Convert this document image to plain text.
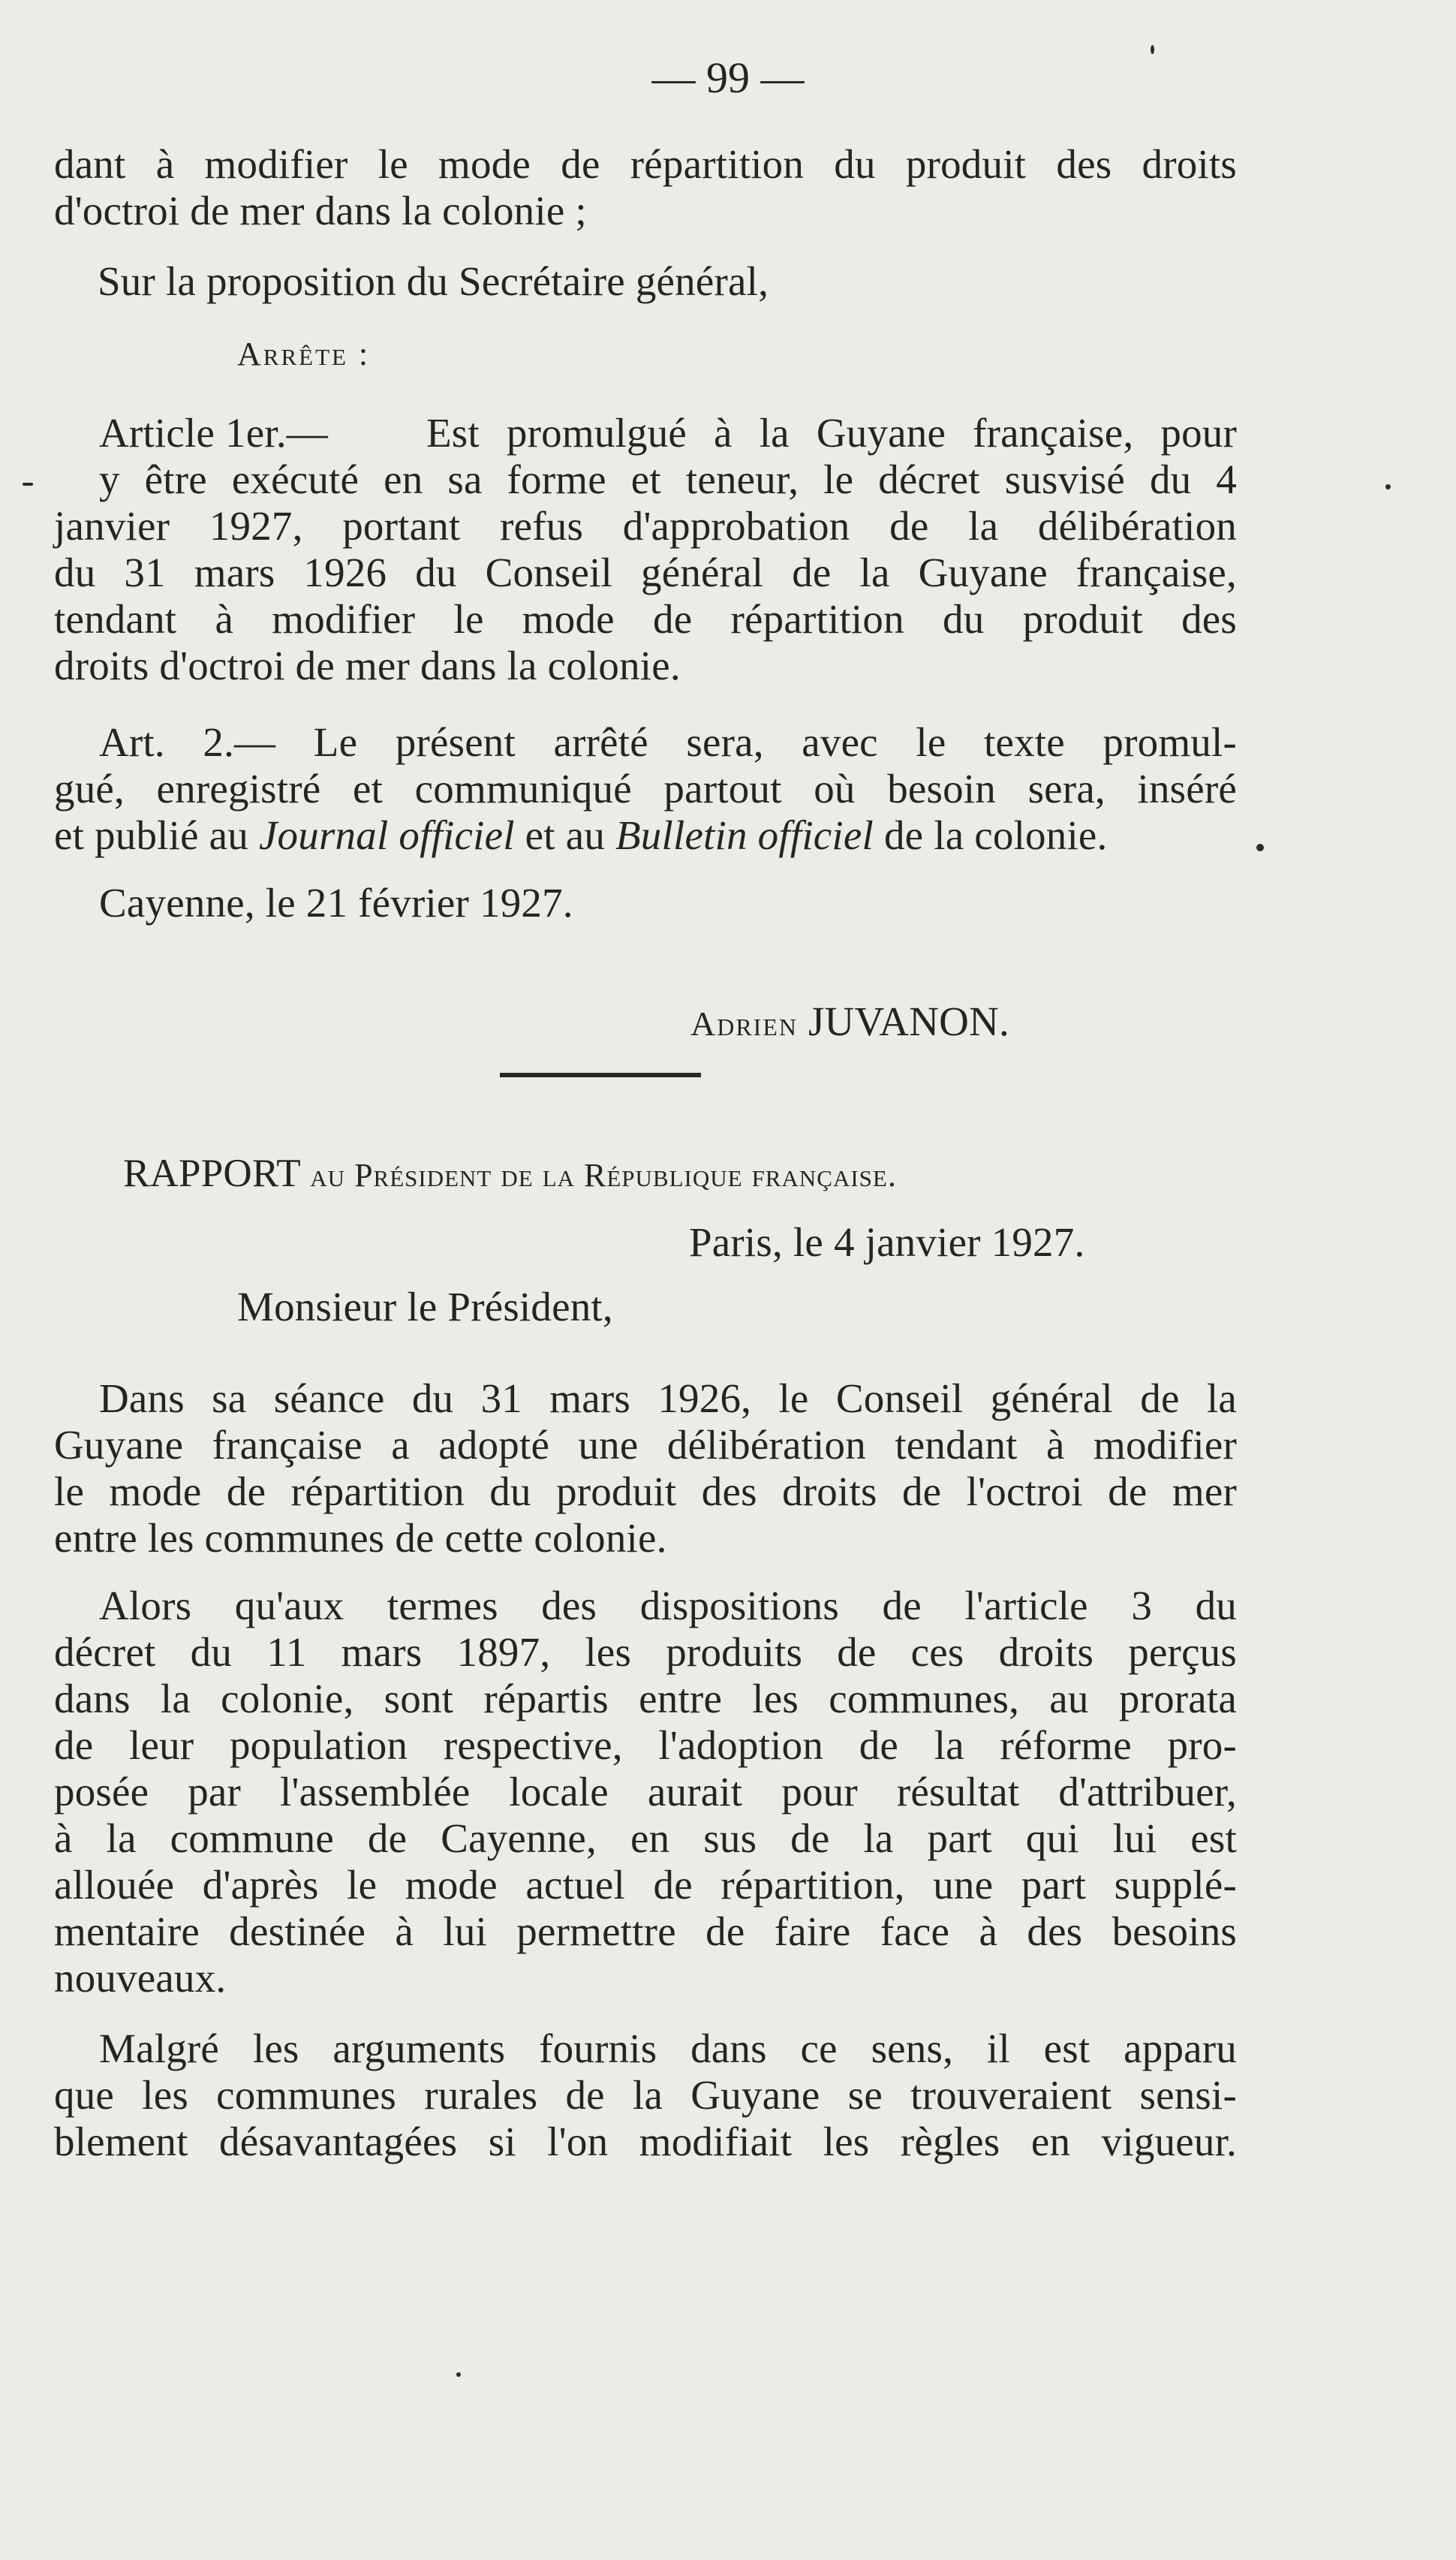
— 99 —
dant à modifier le mode de répartition du produit des droits
d'octroi de mer dans la colonie ;
Sur la proposition du Secrétaire général,
Arrête :
Article 1er.— Est promulgué à la Guyane française, pour
y être exécuté en sa forme et teneur, le décret susvisé du 4
janvier 1927, portant refus d'approbation de la délibération
du 31 mars 1926 du Conseil général de la Guyane française,
tendant à modifier le mode de répartition du produit des
droits d'octroi de mer dans la colonie.
Art. 2.— Le présent arrêté sera, avec le texte promul-
gué, enregistré et communiqué partout où besoin sera, inséré
et publié au Journal officiel et au Bulletin officiel de la colonie.
Cayenne, le 21 février 1927.
Adrien JUVANON.
RAPPORT au Président de la République française.
Paris, le 4 janvier 1927.
Monsieur le Président,
Dans sa séance du 31 mars 1926, le Conseil général de la
Guyane française a adopté une délibération tendant à modifier
le mode de répartition du produit des droits de l'octroi de mer
entre les communes de cette colonie.
Alors qu'aux termes des dispositions de l'article 3 du
décret du 11 mars 1897, les produits de ces droits perçus
dans la colonie, sont répartis entre les communes, au prorata
de leur population respective, l'adoption de la réforme pro-
posée par l'assemblée locale aurait pour résultat d'attribuer,
à la commune de Cayenne, en sus de la part qui lui est
allouée d'après le mode actuel de répartition, une part supplé-
mentaire destinée à lui permettre de faire face à des besoins
nouveaux.
Malgré les arguments fournis dans ce sens, il est apparu
que les communes rurales de la Guyane se trouveraient sensi-
blement désavantagées si l'on modifiait les règles en vigueur.
